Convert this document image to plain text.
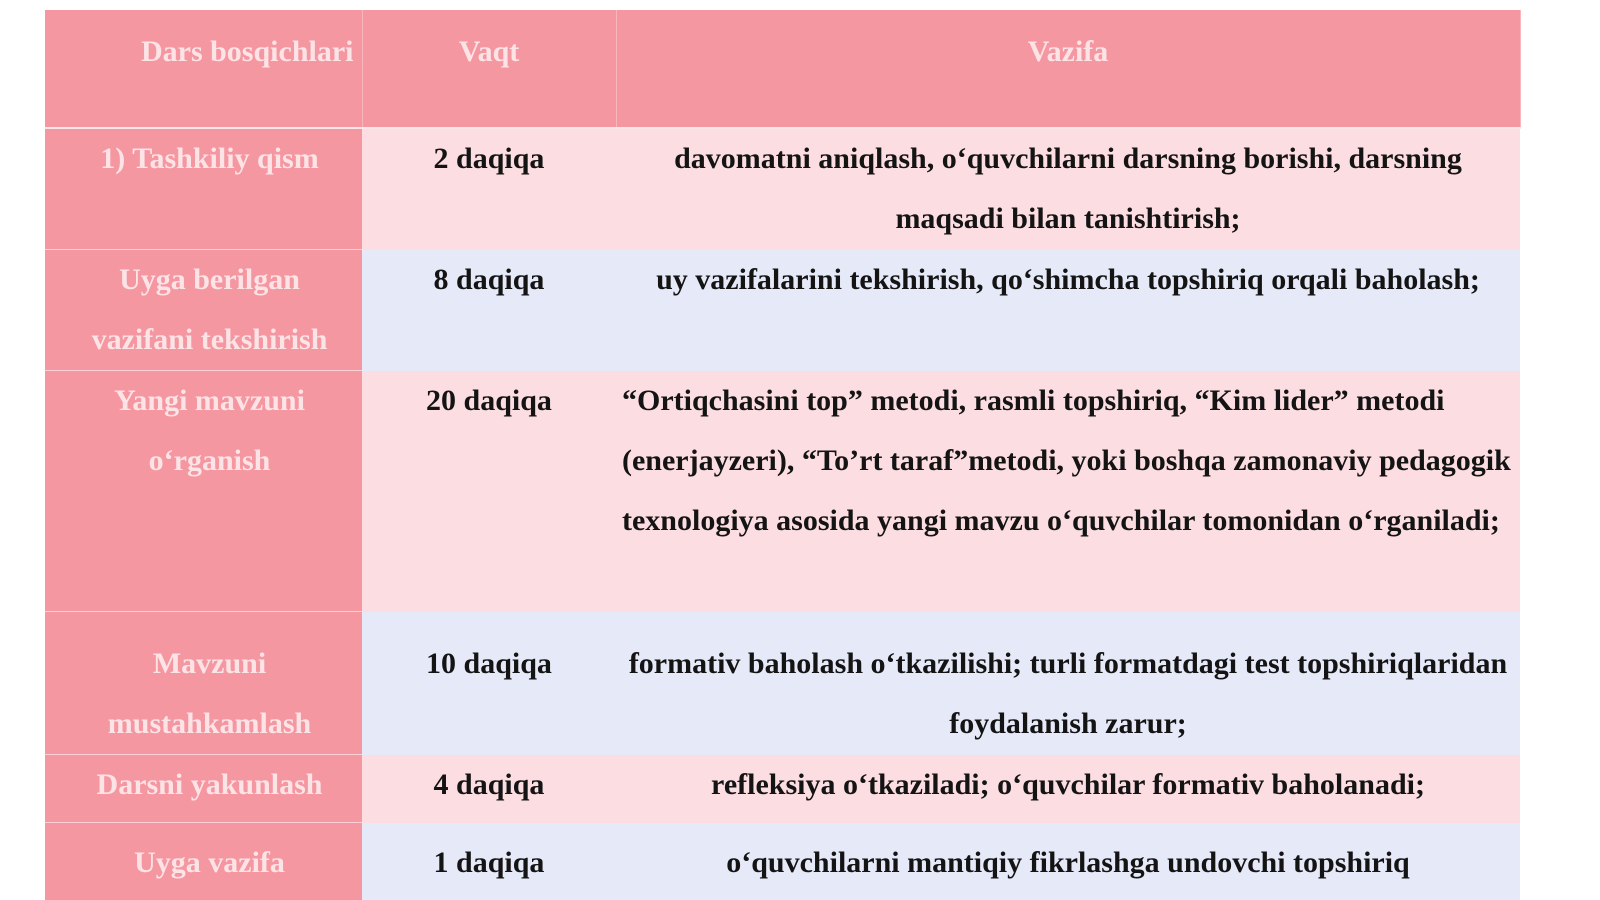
Dars bosqichlari	Vaqt	Vazifa
1) Tashkiliy qism	2 daqiqa	davomatni aniqlash, o‘quvchilarni darsning borishi, darsning maqsadi bilan tanishtirish;
Uyga berilgan vazifani tekshirish	8 daqiqa	uy vazifalarini tekshirish, qo‘shimcha topshiriq orqali baholash;
Yangi mavzuni o‘rganish	20 daqiqa	“Ortiqchasini top” metodi, rasmli topshiriq, “Kim lider” metodi (enerjayzeri), “To’rt taraf”metodi, yoki boshqa zamonaviy pedagogik texnologiya asosida yangi mavzu o‘quvchilar tomonidan o‘rganiladi;
Mavzuni mustahkamlash	10 daqiqa	formativ baholash o‘tkazilishi; turli formatdagi test topshiriqlaridan foydalanish zarur;
Darsni yakunlash	4 daqiqa	refleksiya o‘tkaziladi; o‘quvchilar formativ baholanadi;
Uyga vazifa	1 daqiqa	o‘quvchilarni mantiqiy fikrlashga undovchi topshiriq
